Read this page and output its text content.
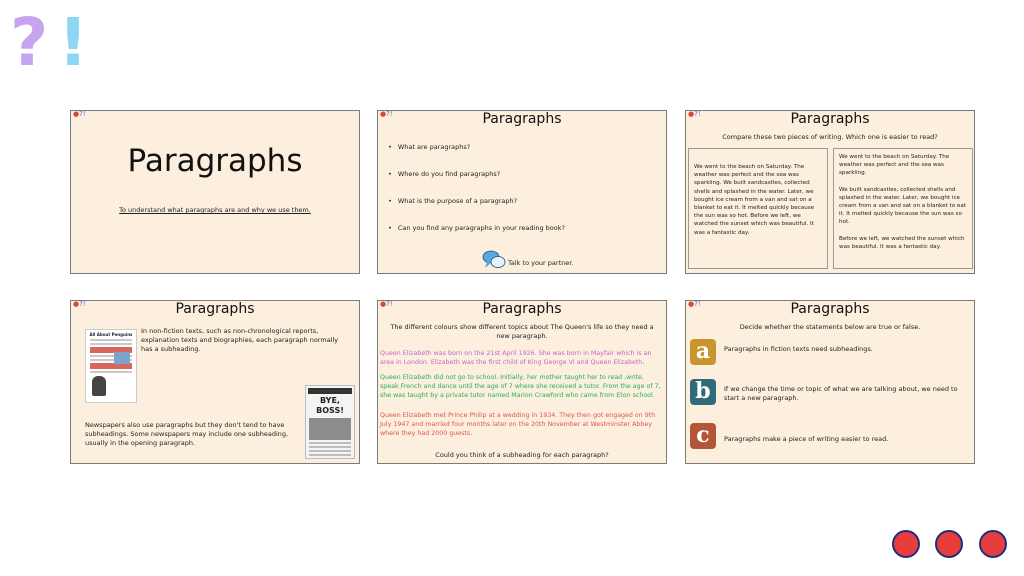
? !
●?!
Paragraphs
To understand what paragraphs are and why we use them.
●?!	Paragraphs
• What are paragraphs?
• Where do you find paragraphs?
• What is the purpose of a paragraph?
• Can you find any paragraphs in your reading book?
Talk to your partner.
●?!	Paragraphs
Compare these two pieces of writing. Which one is easier to read?
We went to the beach on Saturday. The weather was perfect and the sea was sparkling. We built sandcastles, collected shells and splashed in the water. Later, we bought ice cream from a van and sat on a blanket to eat it. It melted quickly because the sun was so hot. Before we left, we watched the sunset which was beautiful. It was a fantastic day.

We went to the beach on Saturday. The weather was perfect and the sea was sparkling.

We built sandcastles, collected shells and splashed in the water. Later, we bought ice cream from a van and sat on a blanket to eat it. It melted quickly because the sun was so hot.

Before we left, we watched the sunset which was beautiful. It was a fantastic day.

●?!	Paragraphs
All About Penguins	In non-fiction texts, such as non-chronological reports, explanation texts and biographies, each paragraph normally has a subheading.
Newspapers also use paragraphs but they don't tend to have subheadings. Some newspapers may include one subheading, usually in the opening paragraph.
BYE, BOSS!
●?!	Paragraphs
The different colours show different topics about The Queen's life so they need a new paragraph.
Queen Elizabeth was born on the 21st April 1926. She was born in Mayfair which is an area in London. Elizabeth was the first child of King George VI and Queen Elizabeth.
Queen Elizabeth did not go to school. Initially, her mother taught her to read ,write, speak French and dance until the age of 7 where she received a tutor. From the age of 7, she was taught by a private tutor named Marion Crawford who came from Eton school.
Queen Elizabeth met Prince Philip at a wedding in 1934. They then got engaged on 9th July 1947 and married four months later on the 20th November at Westminster Abbey where they had 2000 guests.
Could you think of a subheading for each paragraph?
●?!	Paragraphs
Decide whether the statements below are true or false.
a	Paragraphs in fiction texts need subheadings.
b	If we change the time or topic of what we are talking about, we need to start a new paragraph.
c	Paragraphs make a piece of writing easier to read.
